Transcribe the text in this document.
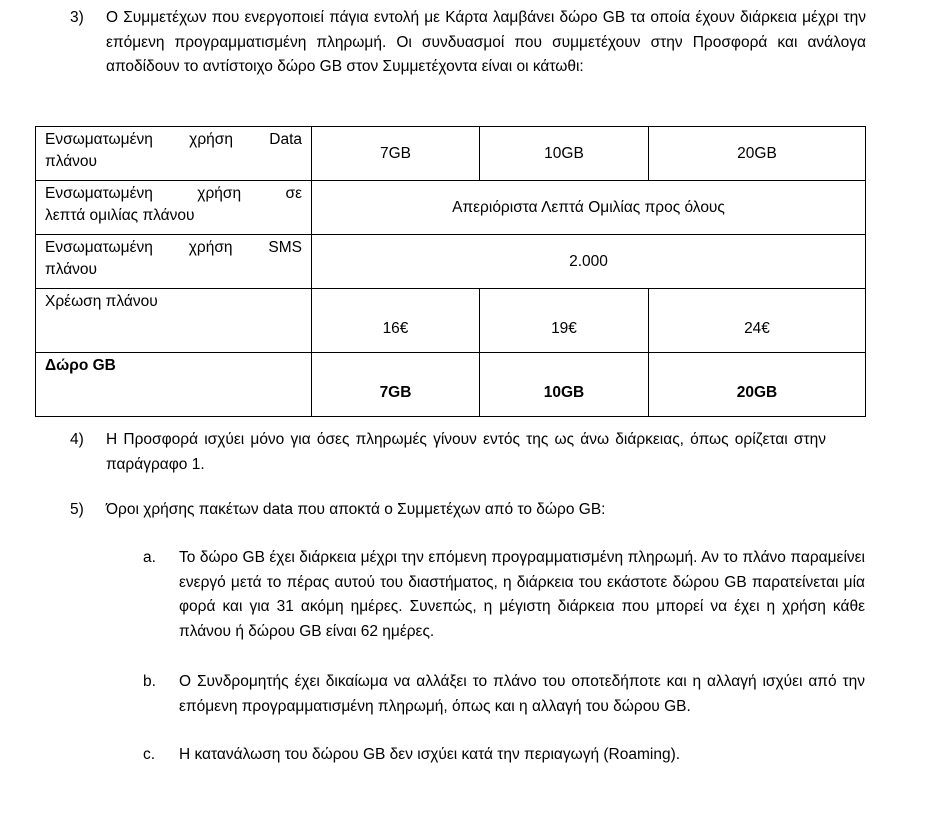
3) Ο Συμμετέχων που ενεργοποιεί πάγια εντολή με Κάρτα λαμβάνει δώρο GB τα οποία έχουν διάρκεια μέχρι την επόμενη προγραμματισμένη πληρωμή. Οι συνδυασμοί που συμμετέχουν στην Προσφορά και ανάλογα αποδίδουν το αντίστοιχο δώρο GB στον Συμμετέχοντα είναι οι κάτωθι:
Ενσωματωμένη χρήση Data
πλάνου	7GB	10GB	20GB

Ενσωματωμένη χρήση σε
λεπτά ομιλίας πλάνου	Απεριόριστα Λεπτά Ομιλίας προς όλους		

Ενσωματωμένη χρήση SMS
πλάνου	2.000		
Χρέωση πλάνου	16€	19€	24€
Δώρο GB	7GB	10GB	20GB
4) Η Προσφορά ισχύει μόνο για όσες πληρωμές γίνουν εντός της ως άνω διάρκειας, όπως ορίζεται στην παράγραφο 1.
5) Όροι χρήσης πακέτων data που αποκτά ο Συμμετέχων από το δώρο GB:
a. Το δώρο GB έχει διάρκεια μέχρι την επόμενη προγραμματισμένη πληρωμή. Αν το πλάνο παραμείνει ενεργό μετά το πέρας αυτού του διαστήματος, η διάρκεια του εκάστοτε δώρου GB παρατείνεται μία φορά και για 31 ακόμη ημέρες. Συνεπώς, η μέγιστη διάρκεια που μπορεί να έχει η χρήση κάθε πλάνου ή δώρου GB είναι 62 ημέρες.
b. Ο Συνδρομητής έχει δικαίωμα να αλλάξει το πλάνο του οποτεδήποτε και η αλλαγή ισχύει από την επόμενη προγραμματισμένη πληρωμή, όπως και η αλλαγή του δώρου GB.
c. Η κατανάλωση του δώρου GB δεν ισχύει κατά την περιαγωγή (Roaming).
